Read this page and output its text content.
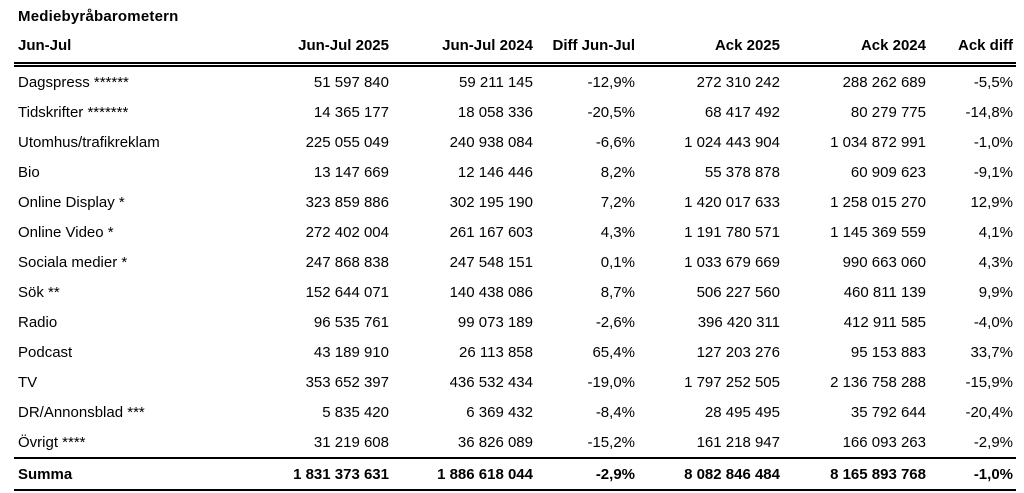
Mediebyråbarometern
Jun-Jul	Jun-Jul 2025	Jun-Jul 2024	Diff Jun-Jul	Ack 2025	Ack 2024	Ack diff
Dagspress ******	51 597 840	59 211 145	-12,9%	272 310 242	288 262 689	-5,5%
Tidskrifter *******	14 365 177	18 058 336	-20,5%	68 417 492	80 279 775	-14,8%
Utomhus/trafikreklam	225 055 049	240 938 084	-6,6%	1 024 443 904	1 034 872 991	-1,0%
Bio	13 147 669	12 146 446	8,2%	55 378 878	60 909 623	-9,1%
Online Display *	323 859 886	302 195 190	7,2%	1 420 017 633	1 258 015 270	12,9%
Online Video *	272 402 004	261 167 603	4,3%	1 191 780 571	1 145 369 559	4,1%
Sociala medier *	247 868 838	247 548 151	0,1%	1 033 679 669	990 663 060	4,3%
Sök **	152 644 071	140 438 086	8,7%	506 227 560	460 811 139	9,9%
Radio	96 535 761	99 073 189	-2,6%	396 420 311	412 911 585	-4,0%
Podcast	43 189 910	26 113 858	65,4%	127 203 276	95 153 883	33,7%
TV	353 652 397	436 532 434	-19,0%	1 797 252 505	2 136 758 288	-15,9%
DR/Annonsblad ***	5 835 420	6 369 432	-8,4%	28 495 495	35 792 644	-20,4%
Övrigt ****	31 219 608	36 826 089	-15,2%	161 218 947	166 093 263	-2,9%
Summa	1 831 373 631	1 886 618 044	-2,9%	8 082 846 484	8 165 893 768	-1,0%
